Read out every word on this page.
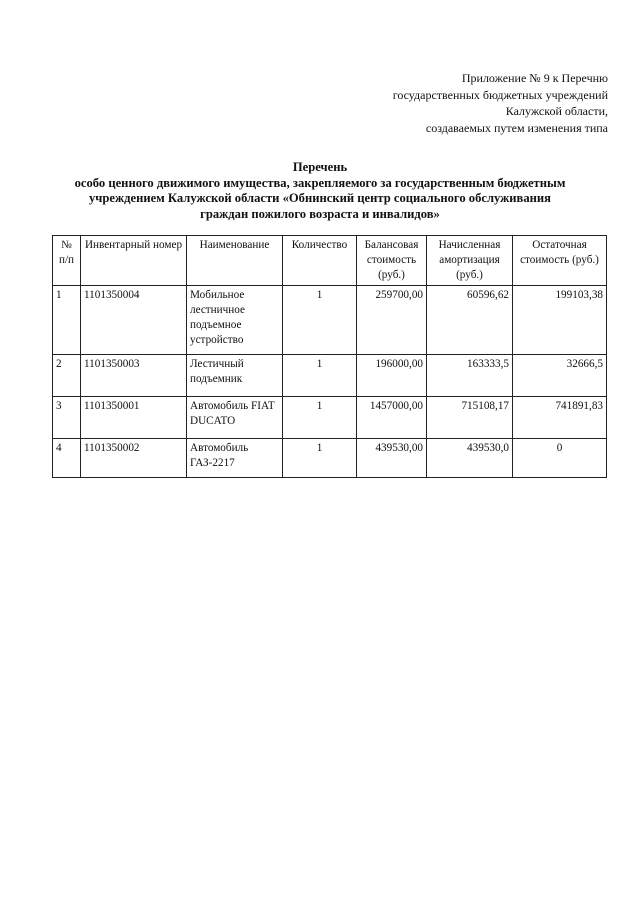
Приложение № 9 к Перечню
государственных бюджетных учреждений
Калужской области,
создаваемых путем изменения типа
Перечень
особо ценного движимого имущества, закрепляемого за государственным бюджетным
учреждением Калужской области «Обнинский центр социального обслуживания
граждан пожилого возраста и инвалидов»
№ п/п	Инвентарный номер	Наименование	Количество	Балансовая стоимость (руб.)	Начисленная амортизация (руб.)	Остаточная стоимость (руб.)
1	1101350004	Мобильное лестничное подъемное устройство	1	259700,00	60596,62	199103,38
2	1101350003	Лестичный подъемник	1	196000,00	163333,5	32666,5
3	1101350001	Автомобиль FIAT DUCATO	1	1457000,00	715108,17	741891,83
4	1101350002	Автомобиль ГАЗ-2217	1	439530,00	439530,0	0
